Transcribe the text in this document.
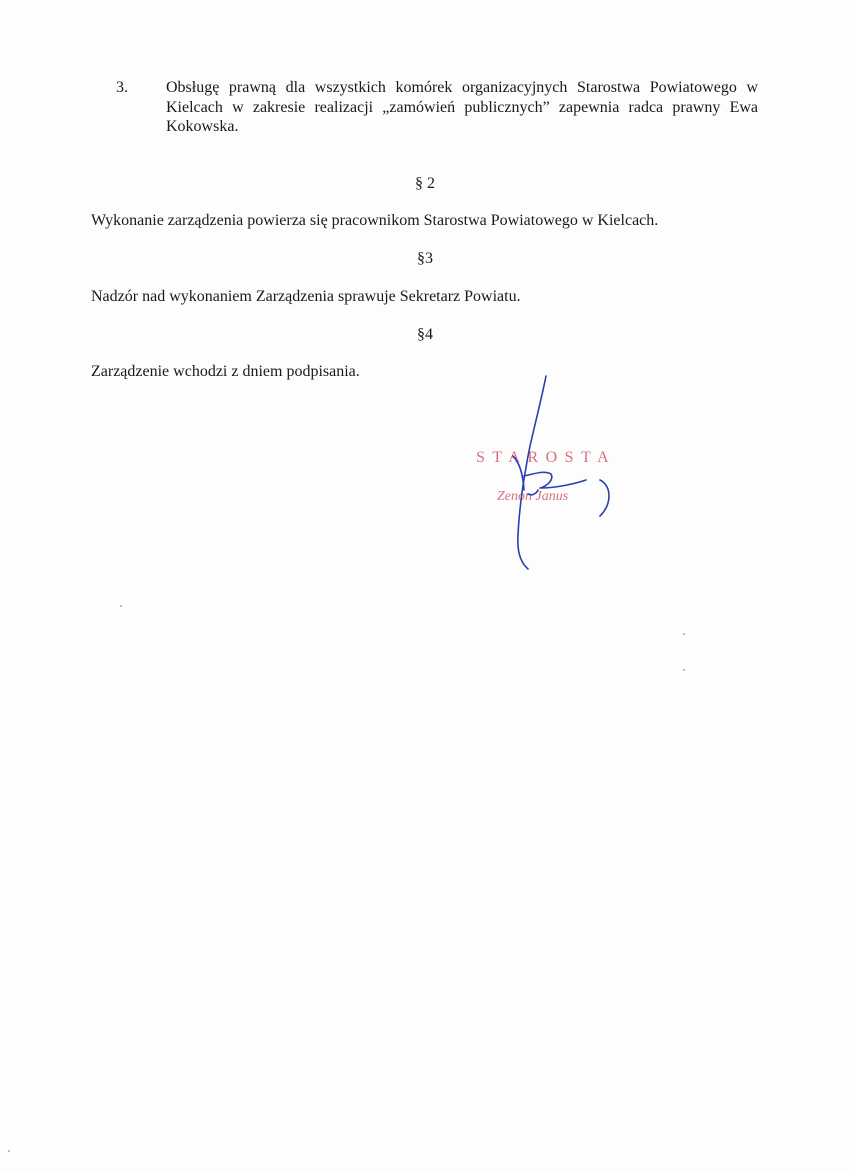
3. Obsługę prawną dla wszystkich komórek organizacyjnych Starostwa Powiatowego w Kielcach w zakresie realizacji „zamówień publicznych” zapewnia radca prawny Ewa Kokowska.
§ 2
Wykonanie zarządzenia powierza się pracownikom Starostwa Powiatowego w Kielcach.
§3
Nadzór nad wykonaniem Zarządzenia sprawuje Sekretarz Powiatu.
§4
Zarządzenie wchodzi z dniem podpisania.
STAROSTA
Zenon Janus
